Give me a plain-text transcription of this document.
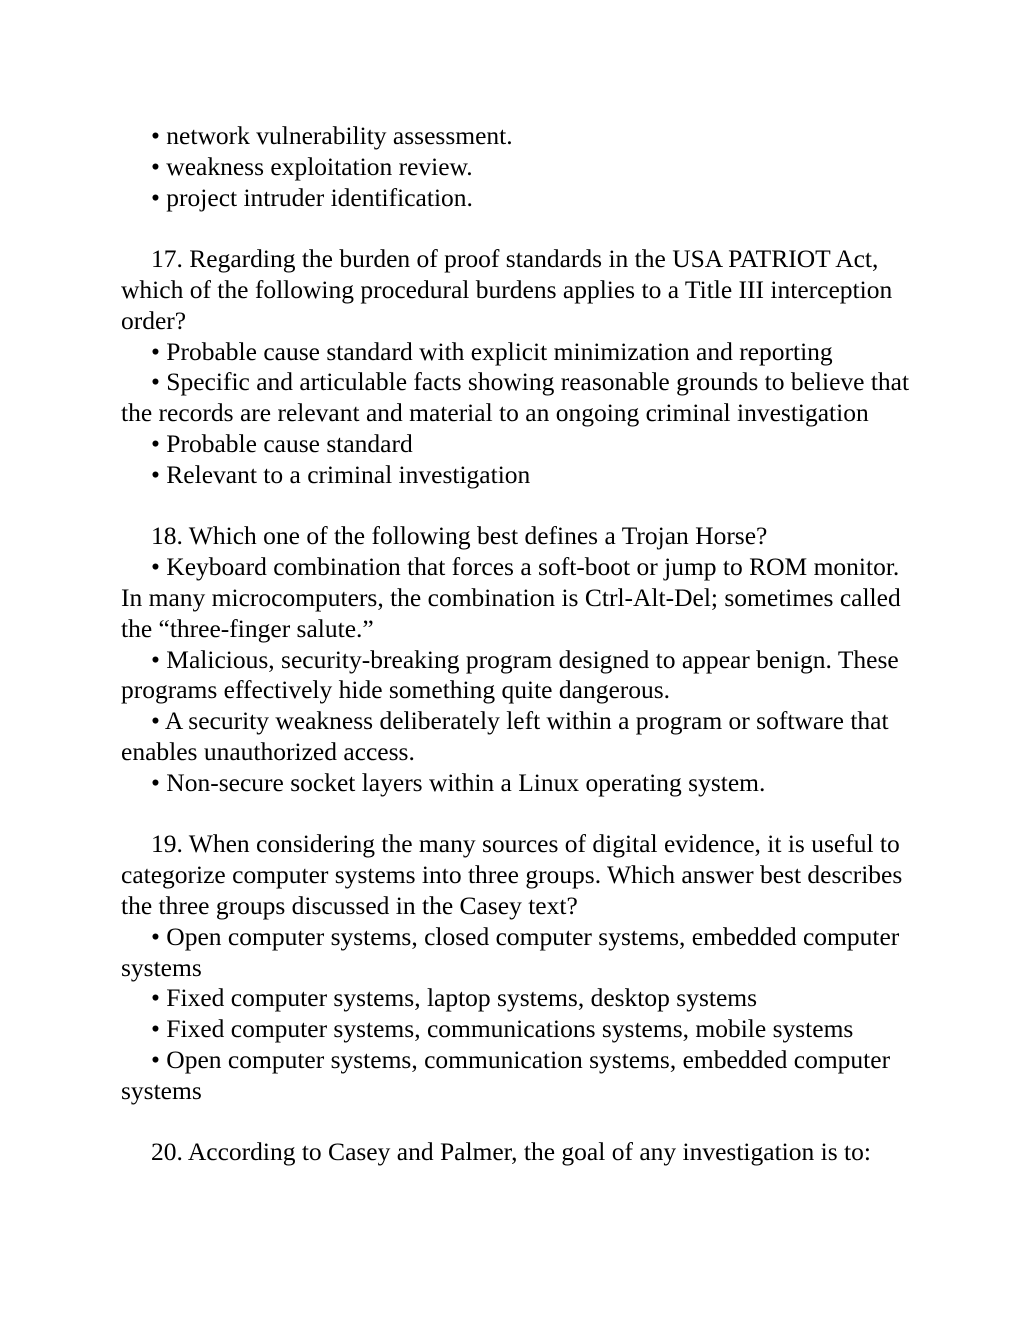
• network vulnerability assessment.

• weakness exploitation review.

• project intruder identification.

17. Regarding the burden of proof standards in the USA PATRIOT Act, which of the following procedural burdens applies to a Title III interception order?

• Probable cause standard with explicit minimization and reporting

• Specific and articulable facts showing reasonable grounds to believe that the records are relevant and material to an ongoing criminal investigation

• Probable cause standard

• Relevant to a criminal investigation

18. Which one of the following best defines a Trojan Horse?

• Keyboard combination that forces a soft-boot or jump to ROM monitor. In many microcomputers, the combination is Ctrl-Alt-Del; sometimes called the “three-finger salute.”

• Malicious, security-breaking program designed to appear benign. These programs effectively hide something quite dangerous.

• A security weakness deliberately left within a program or software that enables unauthorized access.

• Non-secure socket layers within a Linux operating system.

19. When considering the many sources of digital evidence, it is useful to categorize computer systems into three groups. Which answer best describes the three groups discussed in the Casey text?

• Open computer systems, closed computer systems, embedded computer systems

• Fixed computer systems, laptop systems, desktop systems

• Fixed computer systems, communications systems, mobile systems

• Open computer systems, communication systems, embedded computer systems

20. According to Casey and Palmer, the goal of any investigation is to:
